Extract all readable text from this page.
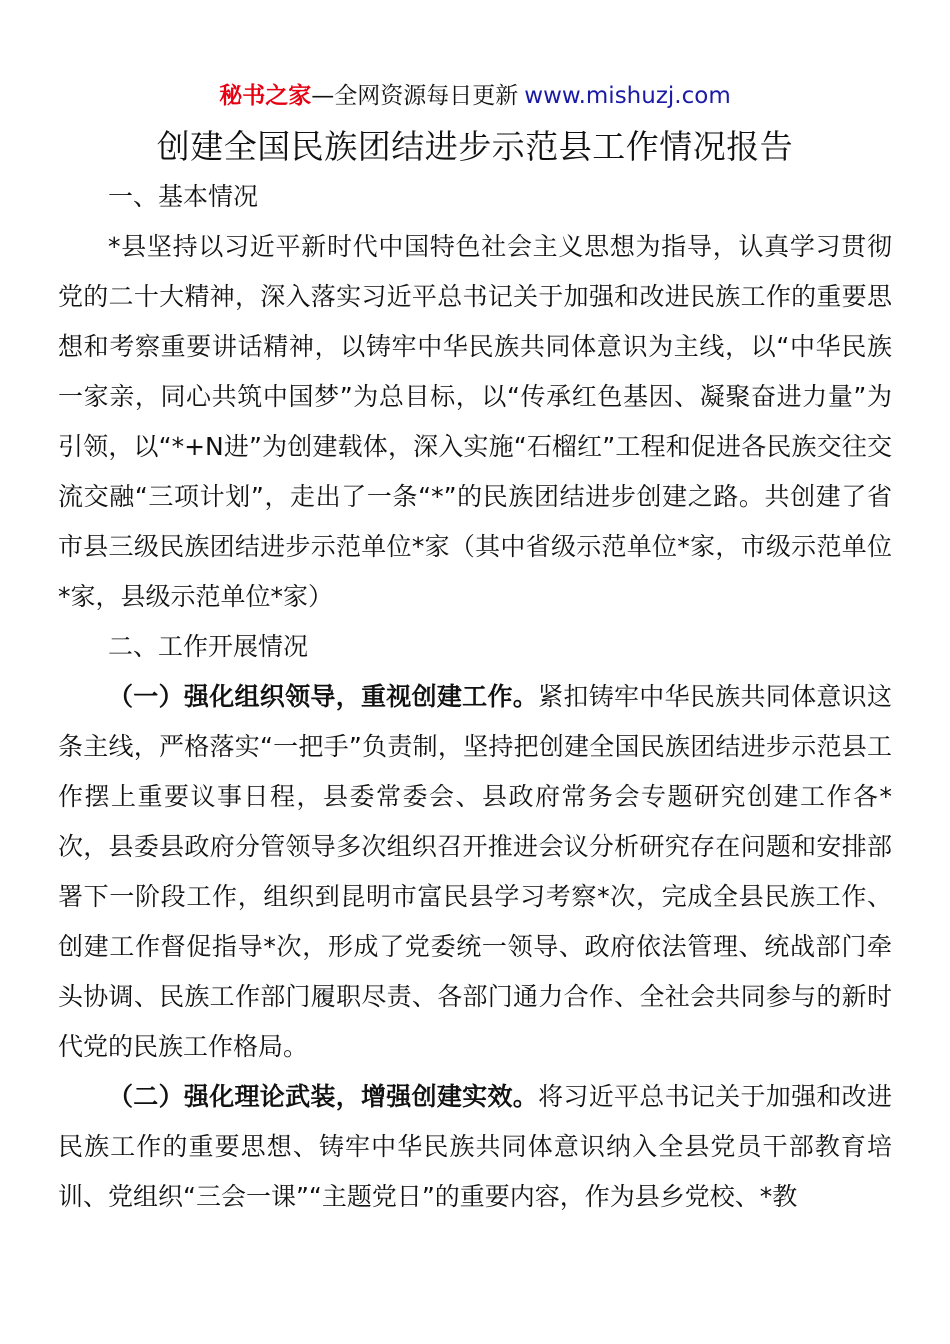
秘书之家—全网资源每日更新 www.mishuzj.com
创建全国民族团结进步示范县工作情况报告

一、基本情况

*县坚持以习近平新时代中国特色社会主义思想为指导，认真学习贯彻党的二十大精神，深入落实习近平总书记关于加强和改进民族工作的重要思想和考察重要讲话精神，以铸牢中华民族共同体意识为主线，以“中华民族一家亲，同心共筑中国梦”为总目标，以“传承红色基因、凝聚奋进力量”为引领，以“*+N进”为创建载体，深入实施“石榴红”工程和促进各民族交往交流交融“三项计划”，走出了一条“*”的民族团结进步创建之路。共创建了省市县三级民族团结进步示范单位*家（其中省级示范单位*家，市级示范单位*家，县级示范单位*家）

二、工作开展情况

（一）强化组织领导，重视创建工作。紧扣铸牢中华民族共同体意识这条主线，严格落实“一把手”负责制，坚持把创建全国民族团结进步示范县工作摆上重要议事日程，县委常委会、县政府常务会专题研究创建工作各*次，县委县政府分管领导多次组织召开推进会议分析研究存在问题和安排部署下一阶段工作，组织到昆明市富民县学习考察*次，完成全县民族工作、创建工作督促指导*次，形成了党委统一领导、政府依法管理、统战部门牵头协调、民族工作部门履职尽责、各部门通力合作、全社会共同参与的新时代党的民族工作格局。

（二）强化理论武装，增强创建实效。将习近平总书记关于加强和改进民族工作的重要思想、铸牢中华民族共同体意识纳入全县党员干部教育培训、党组织“三会一课”“主题党日”的重要内容，作为县乡党校、*教
